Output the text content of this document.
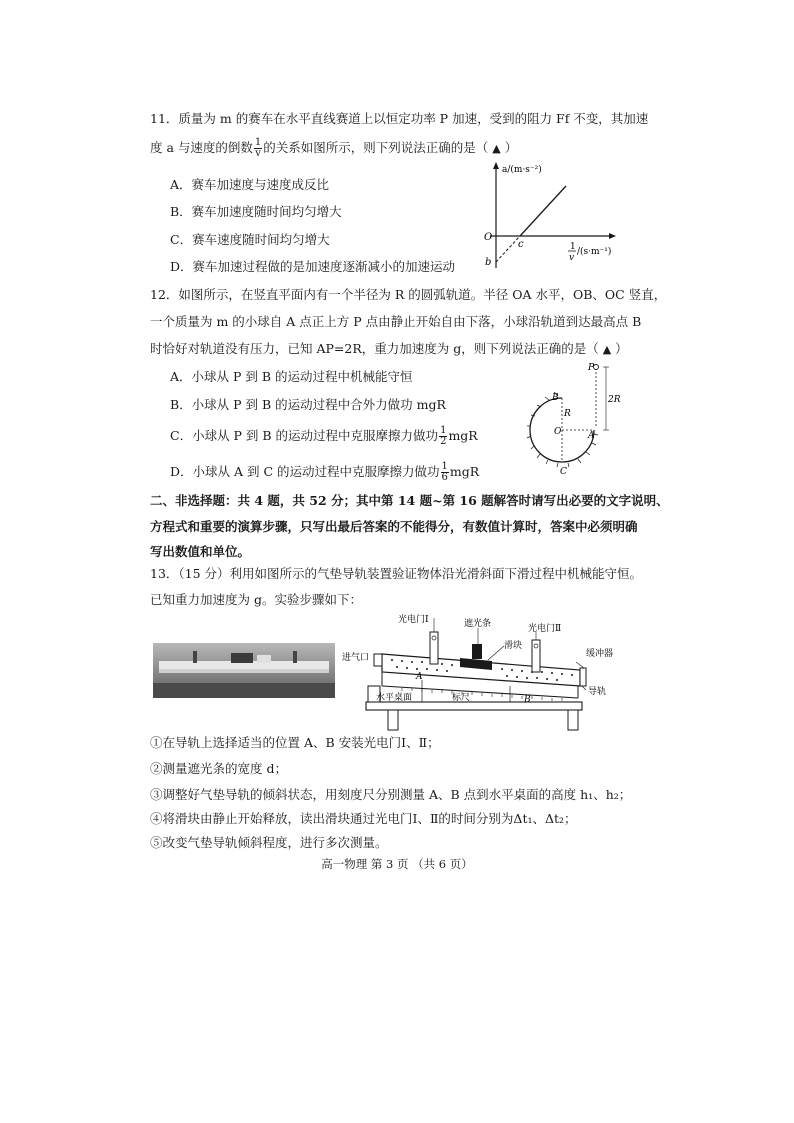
11．质量为 m 的赛车在水平直线赛道上以恒定功率 P 加速，受到的阻力 Ff 不变，其加速
度 a 与速度的倒数 $\frac{1}{v}$ 的关系如图所示，则下列说法正确的是（ ▲ ）
A．赛车加速度与速度成反比
B．赛车加速度随时间均匀增大
C．赛车速度随时间均匀增大
D．赛车加速过程做的是加速度逐渐减小的加速运动
a/(m·s⁻²)
O
c
b
1
v
/(s·m⁻¹)
12．如图所示，在竖直平面内有一个半径为 R 的圆弧轨道。半径 OA 水平，OB、OC 竖直，
一个质量为 m 的小球自 A 点正上方 P 点由静止开始自由下落，小球沿轨道到达最高点 B
时恰好对轨道没有压力，已知 AP=2R，重力加速度为 g，则下列说法正确的是（ ▲ ）
A．小球从 P 到 B 的运动过程中机械能守恒
B．小球从 P 到 B 的运动过程中合外力做功 mgR
C．小球从 P 到 B 的运动过程中克服摩擦力做功 $\frac{1}{2}$ mgR
D．小球从 A 到 C 的运动过程中克服摩擦力做功 $\frac{1}{6}$ mgR
2R
P
B
R
O	A
C
二、非选择题：共 4 题，共 52 分；其中第 14 题~第 16 题解答时请写出必要的文字说明、
方程式和重要的演算步骤，只写出最后答案的不能得分，有数值计算时，答案中必须明确
写出数值和单位。
13．（15 分）利用如图所示的气垫导轨装置验证物体沿光滑斜面下滑过程中机械能守恒。
已知重力加速度为 g。实验步骤如下：
光电门Ⅰ	遮光条	光电门Ⅱ
进气口
滑块
缓冲器
导轨
A
B
标尺
水平桌面
①在导轨上选择适当的位置 A、B 安装光电门Ⅰ、Ⅱ；
②测量遮光条的宽度 d；
③调整好气垫导轨的倾斜状态，用刻度尺分别测量 A、B 点到水平桌面的高度 h₁、h₂；
④将滑块由静止开始释放，读出滑块通过光电门Ⅰ、Ⅱ的时间分别为Δt₁、Δt₂；
⑤改变气垫导轨倾斜程度，进行多次测量。
高一物理 第 3 页 （共 6 页）
